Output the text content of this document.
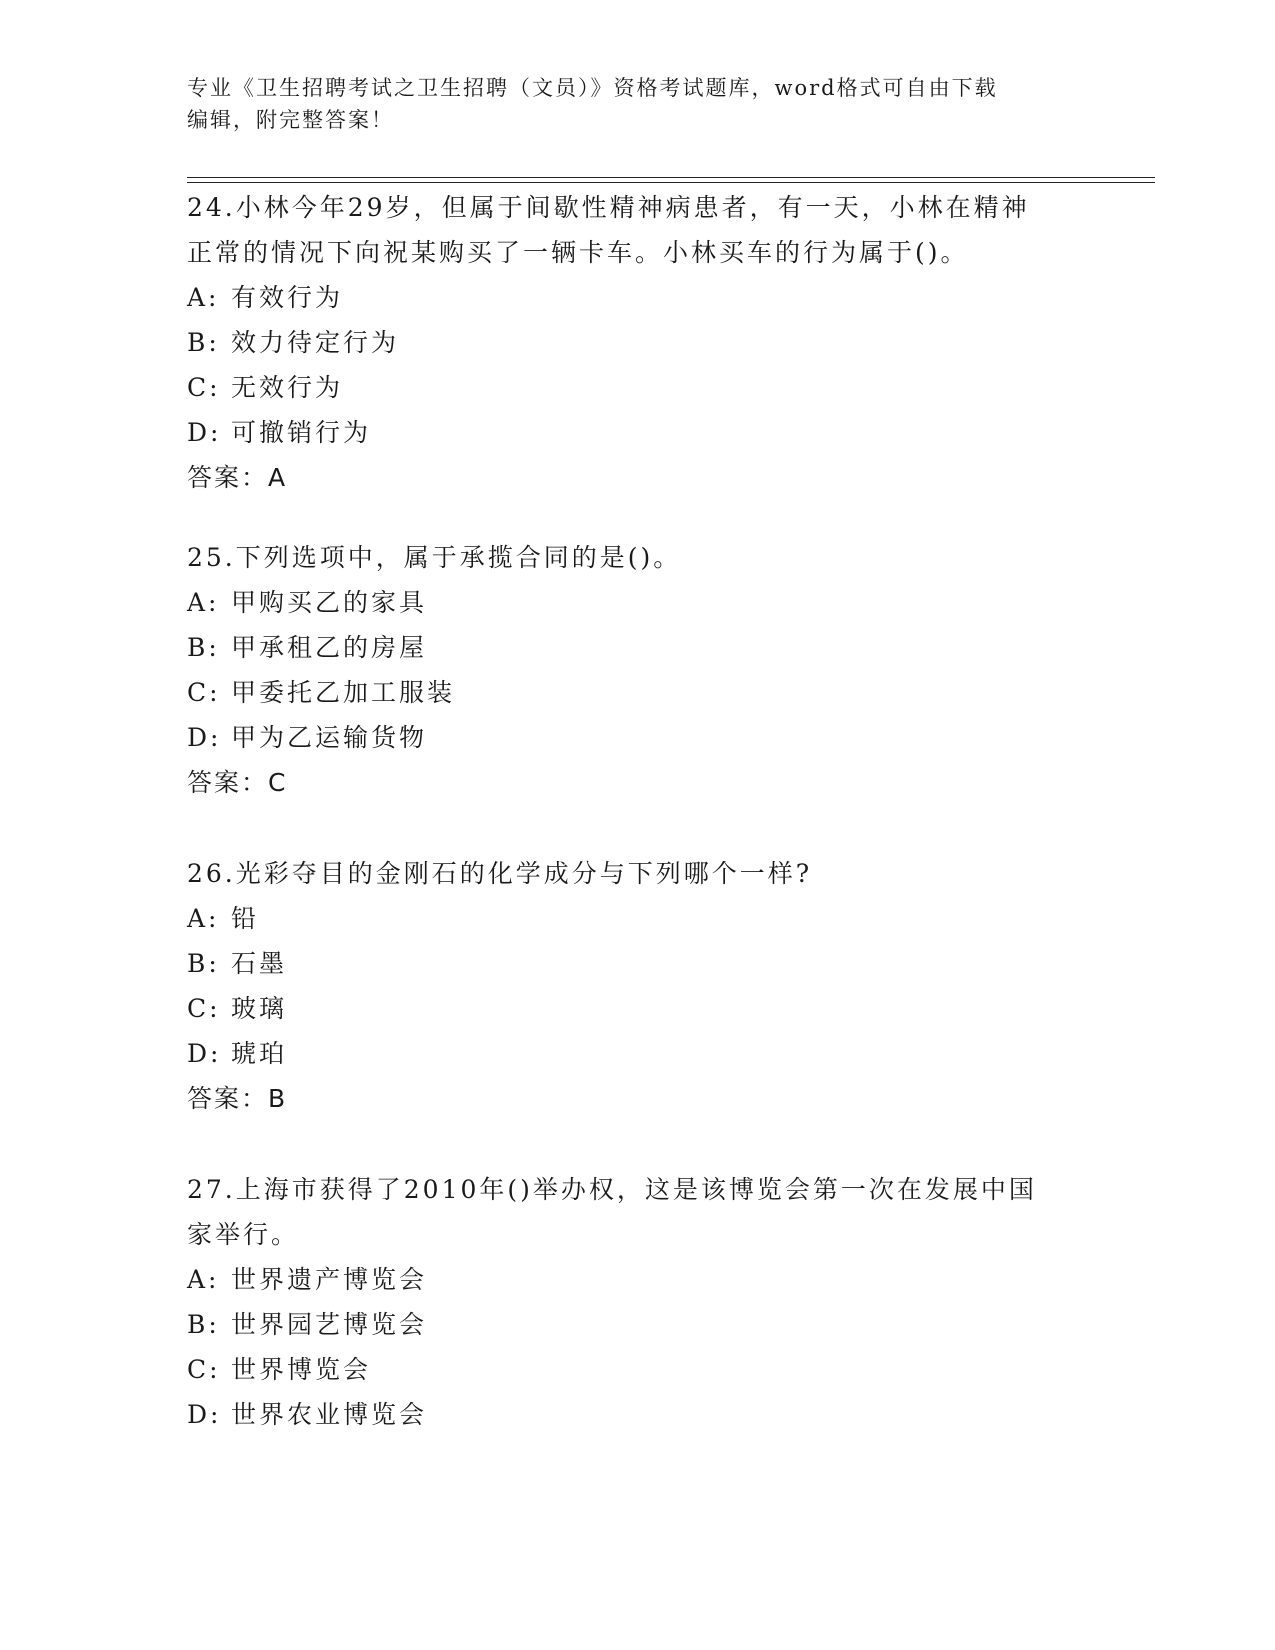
专业《卫生招聘考试之卫生招聘（文员）》资格考试题库，word格式可自由下载
编辑，附完整答案！

24.小林今年29岁，但属于间歇性精神病患者，有一天，小林在精神

正常的情况下向祝某购买了一辆卡车。小林买车的行为属于()。

A: 有效行为

B: 效力待定行为

C: 无效行为

D: 可撤销行为

答案：A

25.下列选项中，属于承揽合同的是()。

A: 甲购买乙的家具

B: 甲承租乙的房屋

C: 甲委托乙加工服装

D: 甲为乙运输货物

答案：C

26.光彩夺目的金刚石的化学成分与下列哪个一样?

A: 铅

B: 石墨

C: 玻璃

D: 琥珀

答案：B

27.上海市获得了2010年()举办权，这是该博览会第一次在发展中国

家举行。

A: 世界遗产博览会

B: 世界园艺博览会

C: 世界博览会

D: 世界农业博览会
